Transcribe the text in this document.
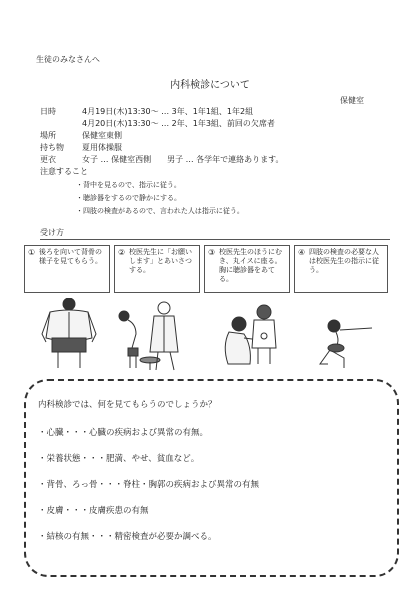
生徒のみなさんへ
内科検診について
保健室
日時	4月19日(木)13:30～ … 3年、1年1組、1年2組
4月20日(木)13:30～ … 2年、1年3組、前回の欠席者
場所	保健室東側
持ち物 夏用体操服
更衣	女子 … 保健室西側　　男子 … 各学年で連絡あります。
注意すること
・背中を見るので、指示に従う。
・聴診器をするので静かにする。
・四肢の検査があるので、言われた人は指示に従う。
受け方
① 後ろを向いて背骨の様子を見てもらう。
② 校医先生に「お願いします」とあいさつする。
③ 校医先生のほうにむき、丸イスに座る。胸に聴診器をあてる。
④ 四肢の検査の必要な人は校医先生の指示に従う。
内科検診では、何を見てもらうのでしょうか？
・心臓・・・心臓の疾病および異常の有無。
・栄養状態・・・肥満、やせ、貧血など。
・背骨、ろっ骨・・・脊柱・胸郭の疾病および異常の有無
・皮膚・・・皮膚疾患の有無
・結核の有無・・・精密検査が必要か調べる。
